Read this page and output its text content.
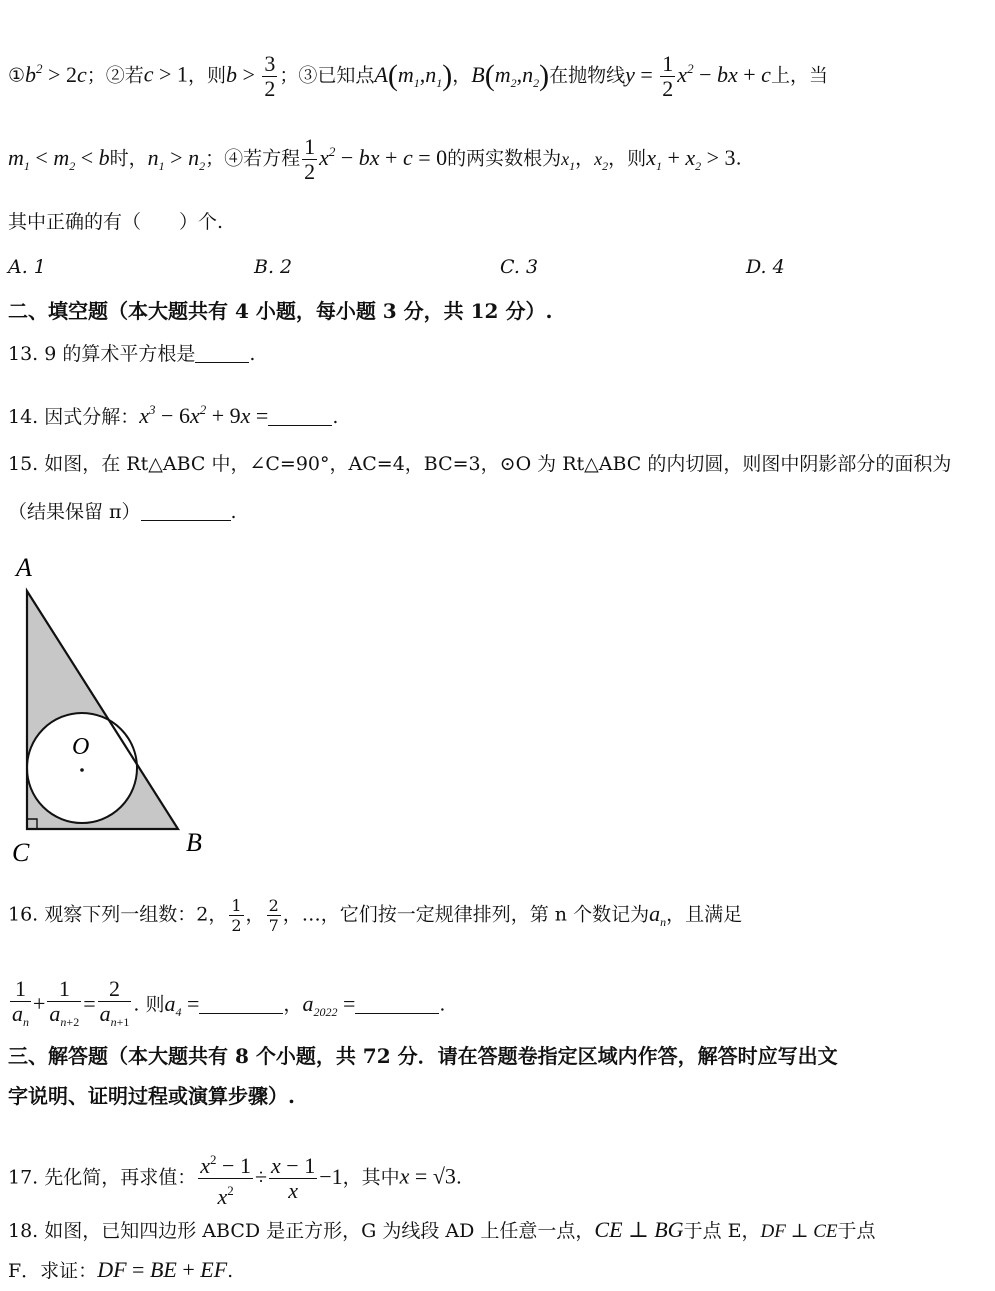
$①b^2 > 2c$；②若c > 1，则$b > \frac{3}{2}$ ；③已知点$A(m_1,n_1)$，$B(m_2,n_2)$在抛物线$y = \frac{1}{2} x^2$ − bx + c上，当
$m_1 < m_2 < b$时，$n_1 > n_2$；④若方程 $\frac{1}{2} x^2$ − bx + c = 0的两实数根为$x_1$，$x_2$，则$x_1 + x_2 > 3$.
其中正确的有（　　）个.
A. 1	B. 2	C. 3	D. 4
二、填空题（本大题共有 4 小题，每小题 3 分，共 12 分）.
13. 9 的算术平方根是	.
14. 因式分解：$x^3 - 6x^2 + 9x$ =	.
15. 如图，在 Rt△ABC 中，∠C=90°，AC=4，BC=3，⊙O 为 Rt△ABC 的内切圆，则图中阴影部分的面积为
（结果保留 π）	.
A
O
C	B
16. 观察下列一组数：2， $\frac{1}{2}$ ， $\frac{2}{7}$ ，…，它们按一定规律排列，第 n 个数记为$a_n$，且满足
$\frac{1}{a_n} + \frac{1}{a_{n+2}} = \frac{2}{a_{n+1}}$ . 则$a_4$ =	，$a_{2022}$ =	.
三、解答题（本大题共有 8 个小题，共 72 分．请在答题卷指定区域内作答，解答时应写出文
字说明、证明过程或演算步骤）.
17. 先化简，再求值： $\frac{x^2 - 1}{x^2} \div \frac{x - 1}{x} -1$，其中x = √3.
18. 如图，已知四边形 ABCD 是正方形，G 为线段 AD 上任意一点，CE ⊥ BG于点 E，DF ⊥ CE于点
F．求证：DF = BE + EF.
